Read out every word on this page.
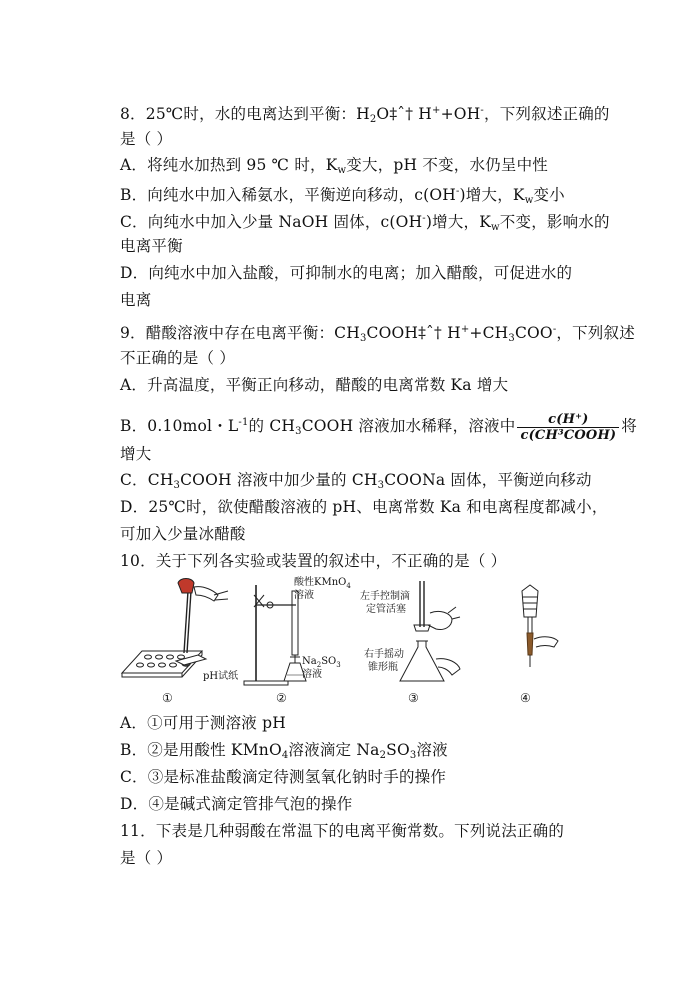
8．25℃时，水的电离达到平衡：$H_2O\ddagger ˆ\dagger$ H++OH-，下列叙述正确的
是（ ）
A．将纯水加热到 95 ℃ 时，$K_w$变大，pH 不变，水仍呈中性
B．向纯水中加入稀氨水，平衡逆向移动，c(OH-)增大，$K_w$变小
C．向纯水中加入少量 NaOH 固体，c(OH-)增大，$K_w$不变，影响水的
电离平衡
D．向纯水中加入盐酸，可抑制水的电离；加入醋酸，可促进水的
电离
9．醋酸溶液中存在电离平衡：$CH_3COOH\ddagger ˆ\dagger$ $H^++CH_3COO^-$，下列叙述
不正确的是（ ）
A．升高温度，平衡正向移动，醋酸的电离常数 Ka 增大
B．0.10mol・$L^{-1}$的 $CH_3COOH$ 溶液加水稀释，溶液中 $\frac{c(H^+)}{\text{c(CH³COOH)}}$ 将
增大
C．$CH_3COOH$ 溶液中加少量的 $CH_3COONa$ 固体，平衡逆向移动
D．25℃时，欲使醋酸溶液的 pH、电离常数 Ka 和电离程度都减小，
可加入少量冰醋酸
10．关于下列各实验或装置的叙述中，不正确的是（ ）
pH试纸
酸性KMnO$_4$
溶液
$Na_2SO_3$
溶液
左手控制滴
定管活塞
右手摇动
锥形瓶
①	②	③	④
A．①可用于测溶液 pH
B．②是用酸性 KMnO$_4$溶液滴定 $Na_2SO_3$溶液
C．③是标准盐酸滴定待测氢氧化钠时手的操作
D．④是碱式滴定管排气泡的操作
11．下表是几种弱酸在常温下的电离平衡常数。下列说法正确的
是（ ）
